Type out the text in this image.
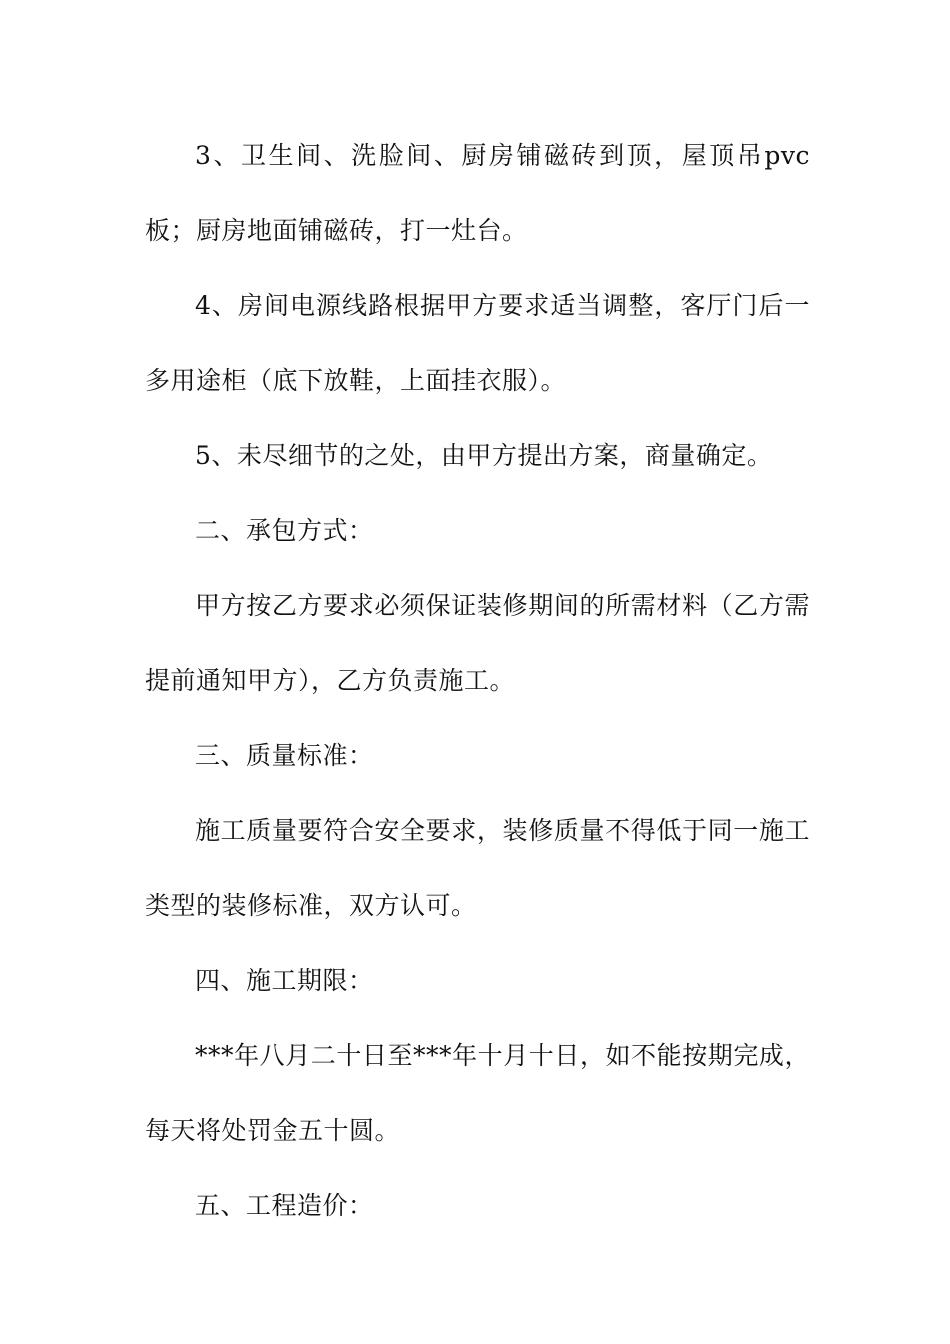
3、卫生间、洗脸间、厨房铺磁砖到顶，屋顶吊pvc板；厨房地面铺磁砖，打一灶台。

4、房间电源线路根据甲方要求适当调整，客厅门后一多用途柜（底下放鞋，上面挂衣服）。

5、未尽细节的之处，由甲方提出方案，商量确定。

二、承包方式：

甲方按乙方要求必须保证装修期间的所需材料（乙方需提前通知甲方），乙方负责施工。

三、质量标准：

施工质量要符合安全要求，装修质量不得低于同一施工类型的装修标准，双方认可。

四、施工期限：

***年八月二十日至***年十月十日，如不能按期完成，每天将处罚金五十圆。

五、工程造价：
